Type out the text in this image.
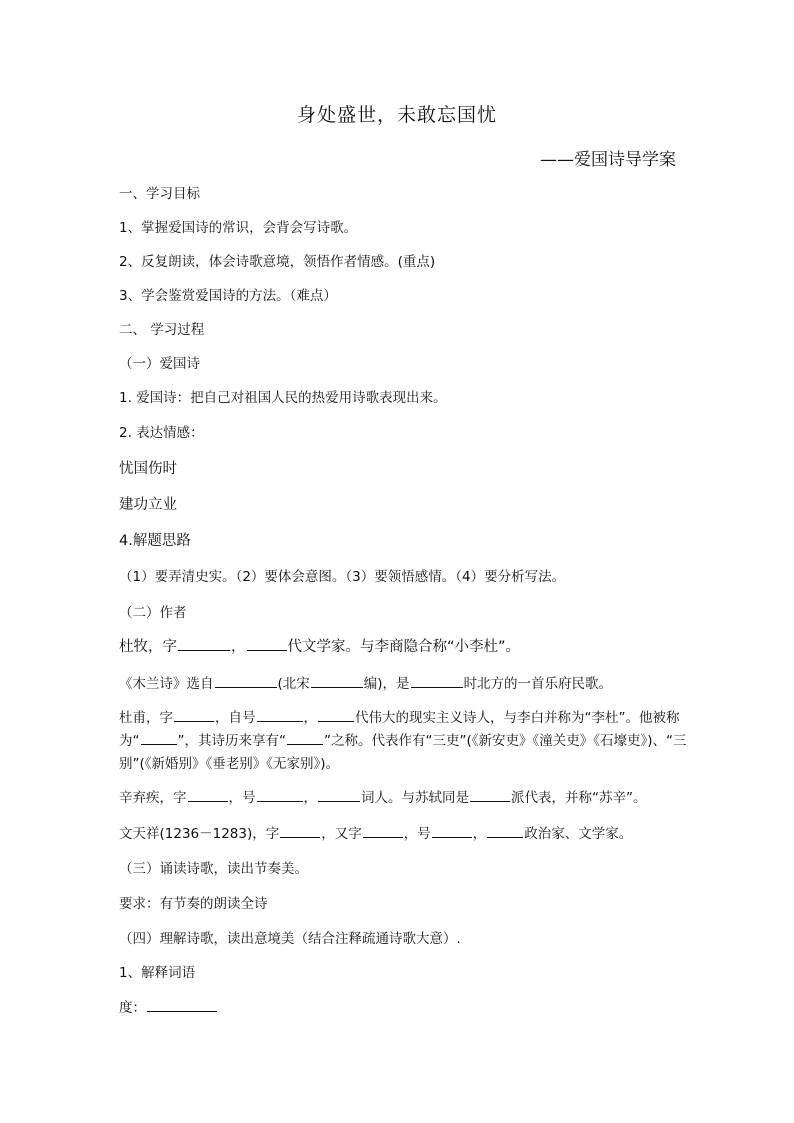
身处盛世，未敢忘国忧
——爱国诗导学案
一、学习目标
1、掌握爱国诗的常识，会背会写诗歌。
2、反复朗读，体会诗歌意境，领悟作者情感。(重点)
3、学会鉴赏爱国诗的方法。（难点）
二、 学习过程
（一）爱国诗
1. 爱国诗：把自己对祖国人民的热爱用诗歌表现出来。
2. 表达情感：
忧国伤时
建功立业
4.解题思路
（1）要弄清史实。（2）要体会意图。（3）要领悟感情。（4）要分析写法。
（二）作者
杜牧，字	，	代文学家。与李商隐合称“小李杜”。
《木兰诗》选自	(北宋	编)，是	时北方的一首乐府民歌。
杜甫，字	，自号	，	代伟大的现实主义诗人，与李白并称为“李杜”。他被称为“	”，其诗历来享有“	”之称。代表作有“三吏”(《新安吏》《潼关吏》《石壕吏》)、“三别”(《新婚别》《垂老别》《无家别》)。
辛弃疾，字	，号	，	词人。与苏轼同是	派代表，并称“苏辛”。
文天祥(1236－1283)，字	，又字	，号	，	政治家、文学家。
（三）诵读诗歌，读出节奏美。
要求：有节奏的朗读全诗
（四）理解诗歌，读出意境美（结合注释疏通诗歌大意）.
1、解释词语
度：
